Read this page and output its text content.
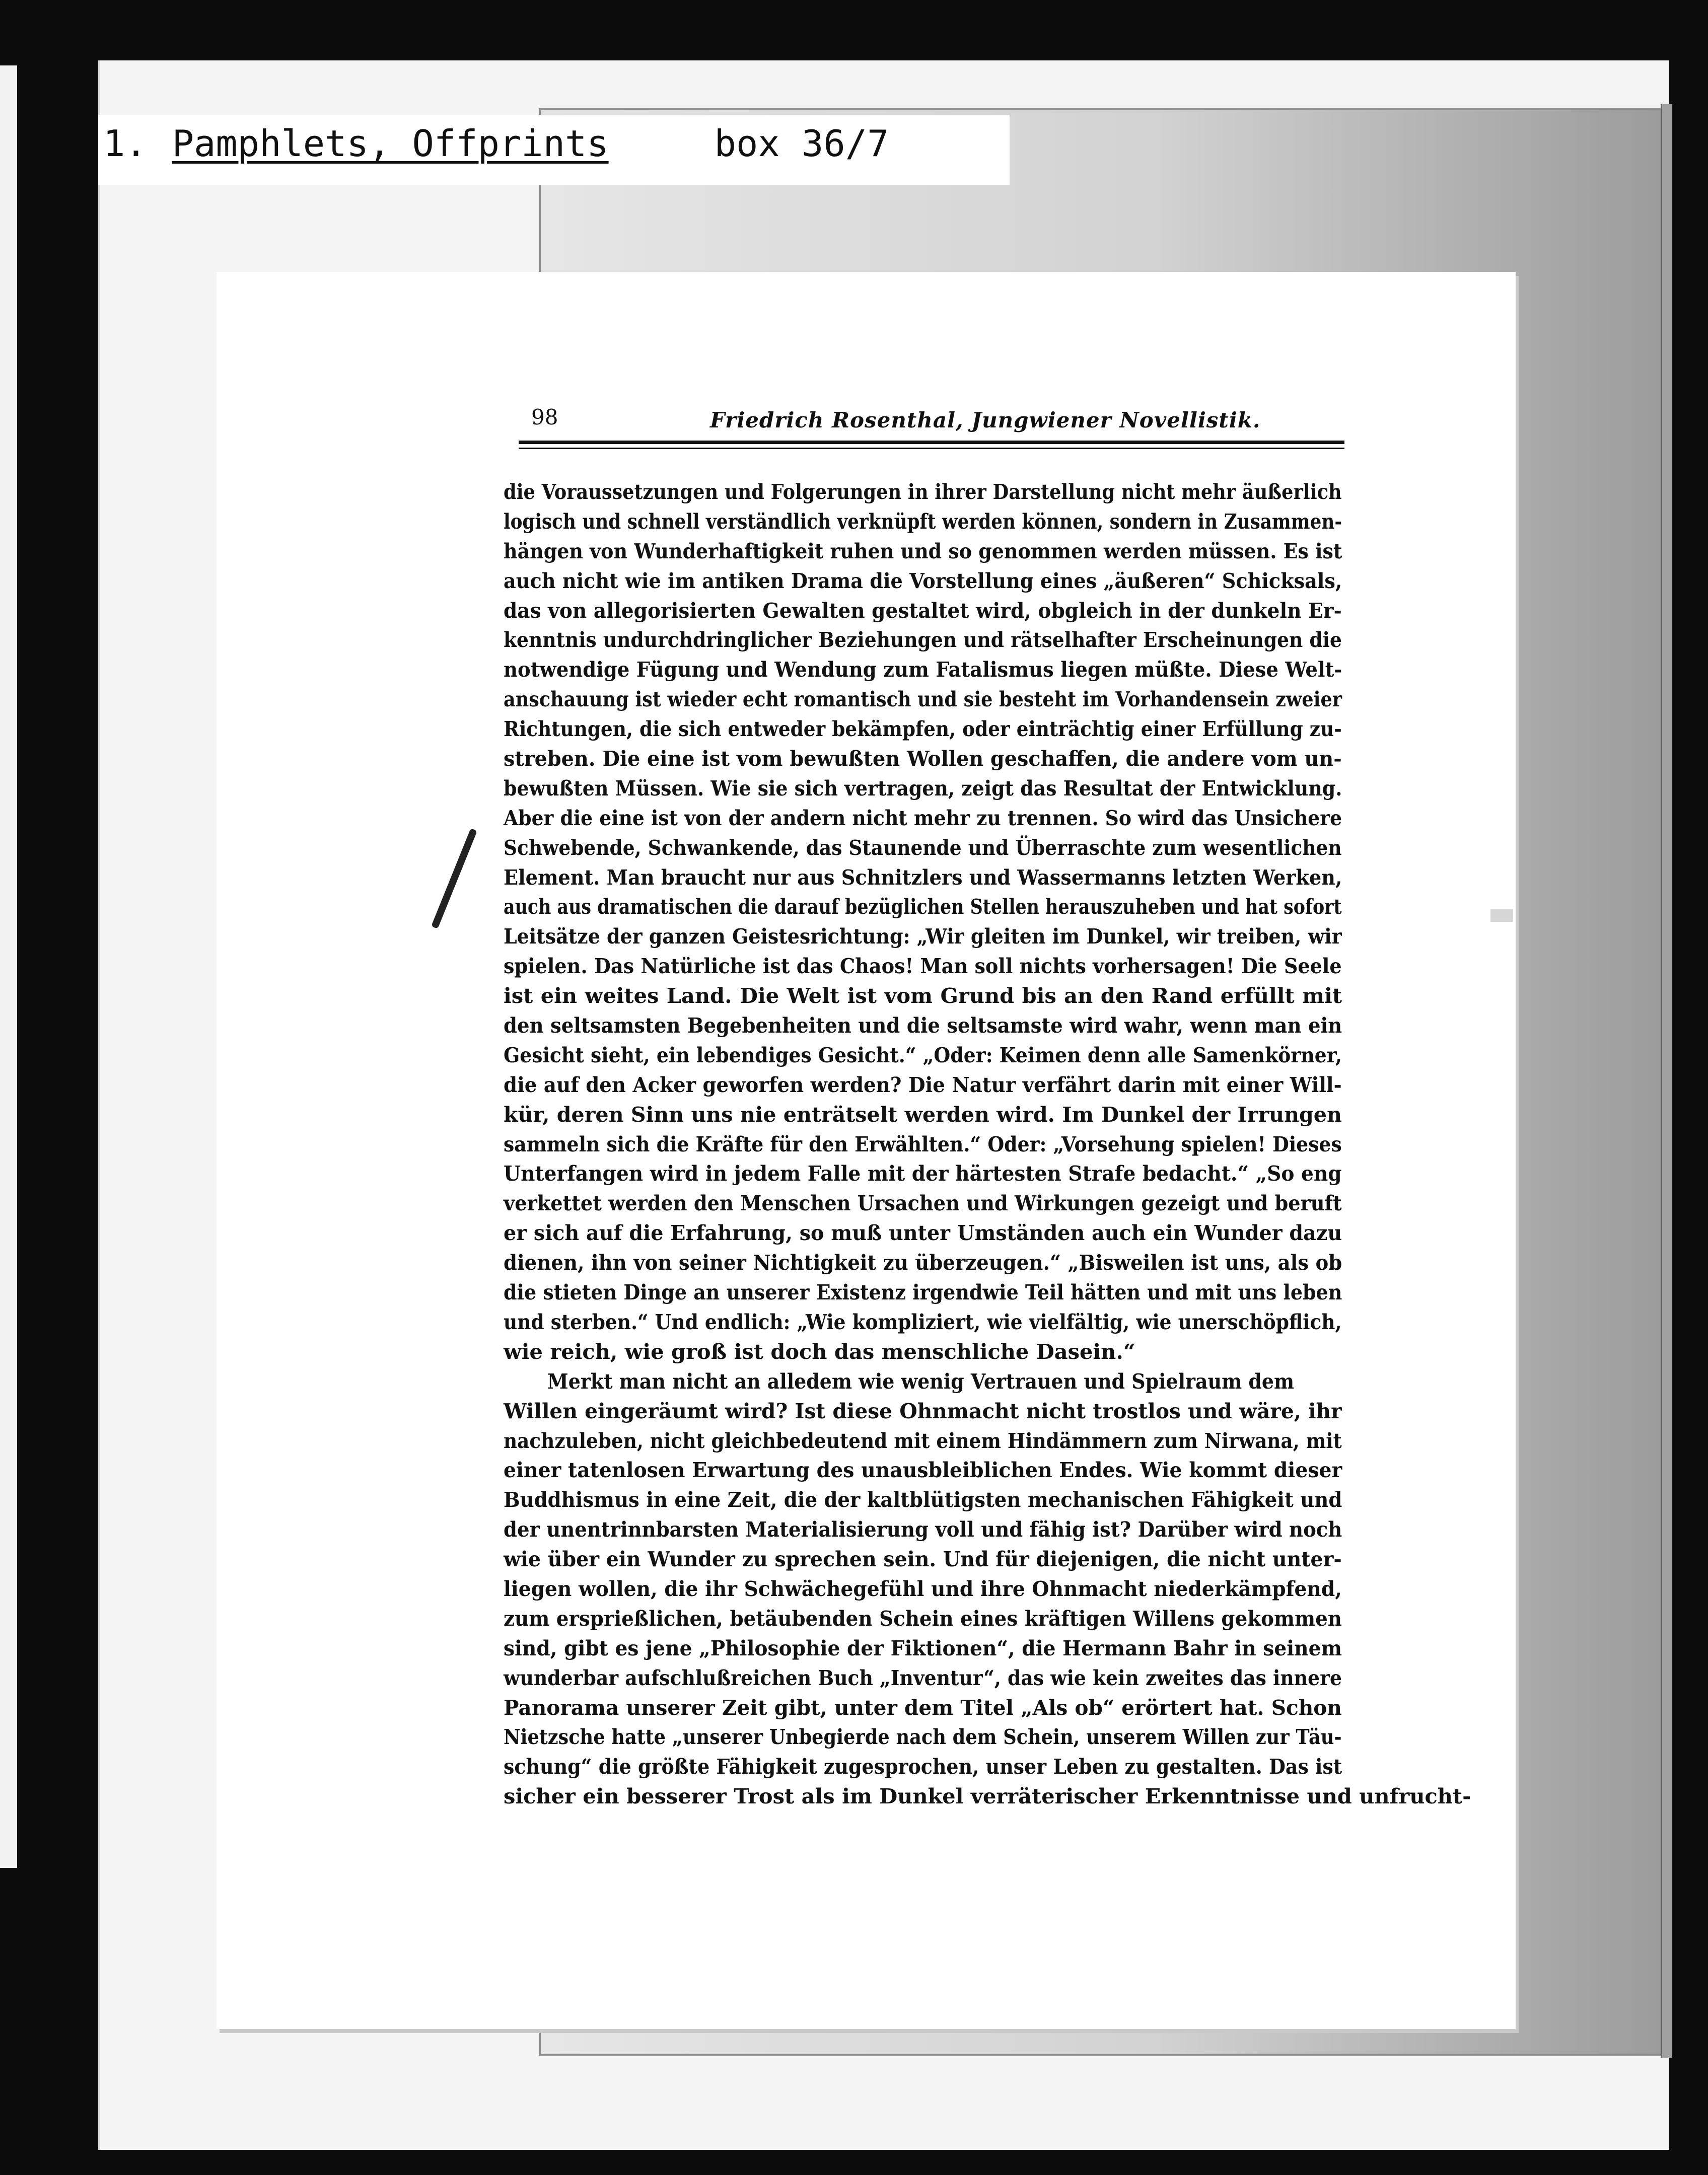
1. Pamphlets, Offprints	box 36/7
98	Friedrich Rosenthal, Jungwiener Novellistik.
die Voraussetzungen und Folgerungen in ihrer Darstellung nicht mehr äußerlich
logisch und schnell verständlich verknüpft werden können, sondern in Zusammen-
hängen von Wunderhaftigkeit ruhen und so genommen werden müssen. Es ist
auch nicht wie im antiken Drama die Vorstellung eines „äußeren“ Schicksals,
das von allegorisierten Gewalten gestaltet wird, obgleich in der dunkeln Er-
kenntnis undurchdringlicher Beziehungen und rätselhafter Erscheinungen die
notwendige Fügung und Wendung zum Fatalismus liegen müßte. Diese Welt-
anschauung ist wieder echt romantisch und sie besteht im Vorhandensein zweier
Richtungen, die sich entweder bekämpfen, oder einträchtig einer Erfüllung zu-
streben. Die eine ist vom bewußten Wollen geschaffen, die andere vom un-
bewußten Müssen. Wie sie sich vertragen, zeigt das Resultat der Entwicklung.
Aber die eine ist von der andern nicht mehr zu trennen. So wird das Unsichere
Schwebende, Schwankende, das Staunende und Überraschte zum wesentlichen
Element. Man braucht nur aus Schnitzlers und Wassermanns letzten Werken,
auch aus dramatischen die darauf bezüglichen Stellen herauszuheben und hat sofort
Leitsätze der ganzen Geistesrichtung: „Wir gleiten im Dunkel, wir treiben, wir
spielen. Das Natürliche ist das Chaos! Man soll nichts vorhersagen! Die Seele
ist ein weites Land. Die Welt ist vom Grund bis an den Rand erfüllt mit
den seltsamsten Begebenheiten und die seltsamste wird wahr, wenn man ein
Gesicht sieht, ein lebendiges Gesicht.“ „Oder: Keimen denn alle Samenkörner,
die auf den Acker geworfen werden? Die Natur verfährt darin mit einer Will-
kür, deren Sinn uns nie enträtselt werden wird. Im Dunkel der Irrungen
sammeln sich die Kräfte für den Erwählten.“ Oder: „Vorsehung spielen! Dieses
Unterfangen wird in jedem Falle mit der härtesten Strafe bedacht.“ „So eng
verkettet werden den Menschen Ursachen und Wirkungen gezeigt und beruft
er sich auf die Erfahrung, so muß unter Umständen auch ein Wunder dazu
dienen, ihn von seiner Nichtigkeit zu überzeugen.“ „Bisweilen ist uns, als ob
die stieten Dinge an unserer Existenz irgendwie Teil hätten und mit uns leben
und sterben.“ Und endlich: „Wie kompliziert, wie vielfältig, wie unerschöpflich,
wie reich, wie groß ist doch das menschliche Dasein.“
Merkt man nicht an alledem wie wenig Vertrauen und Spielraum dem
Willen eingeräumt wird? Ist diese Ohnmacht nicht trostlos und wäre, ihr
nachzuleben, nicht gleichbedeutend mit einem Hindämmern zum Nirwana, mit
einer tatenlosen Erwartung des unausbleiblichen Endes. Wie kommt dieser
Buddhismus in eine Zeit, die der kaltblütigsten mechanischen Fähigkeit und
der unentrinnbarsten Materialisierung voll und fähig ist? Darüber wird noch
wie über ein Wunder zu sprechen sein. Und für diejenigen, die nicht unter-
liegen wollen, die ihr Schwächegefühl und ihre Ohnmacht niederkämpfend,
zum ersprießlichen, betäubenden Schein eines kräftigen Willens gekommen
sind, gibt es jene „Philosophie der Fiktionen“, die Hermann Bahr in seinem
wunderbar aufschlußreichen Buch „Inventur“, das wie kein zweites das innere
Panorama unserer Zeit gibt, unter dem Titel „Als ob“ erörtert hat. Schon
Nietzsche hatte „unserer Unbegierde nach dem Schein, unserem Willen zur Täu-
schung“ die größte Fähigkeit zugesprochen, unser Leben zu gestalten. Das ist
sicher ein besserer Trost als im Dunkel verräterischer Erkenntnisse und unfrucht-
